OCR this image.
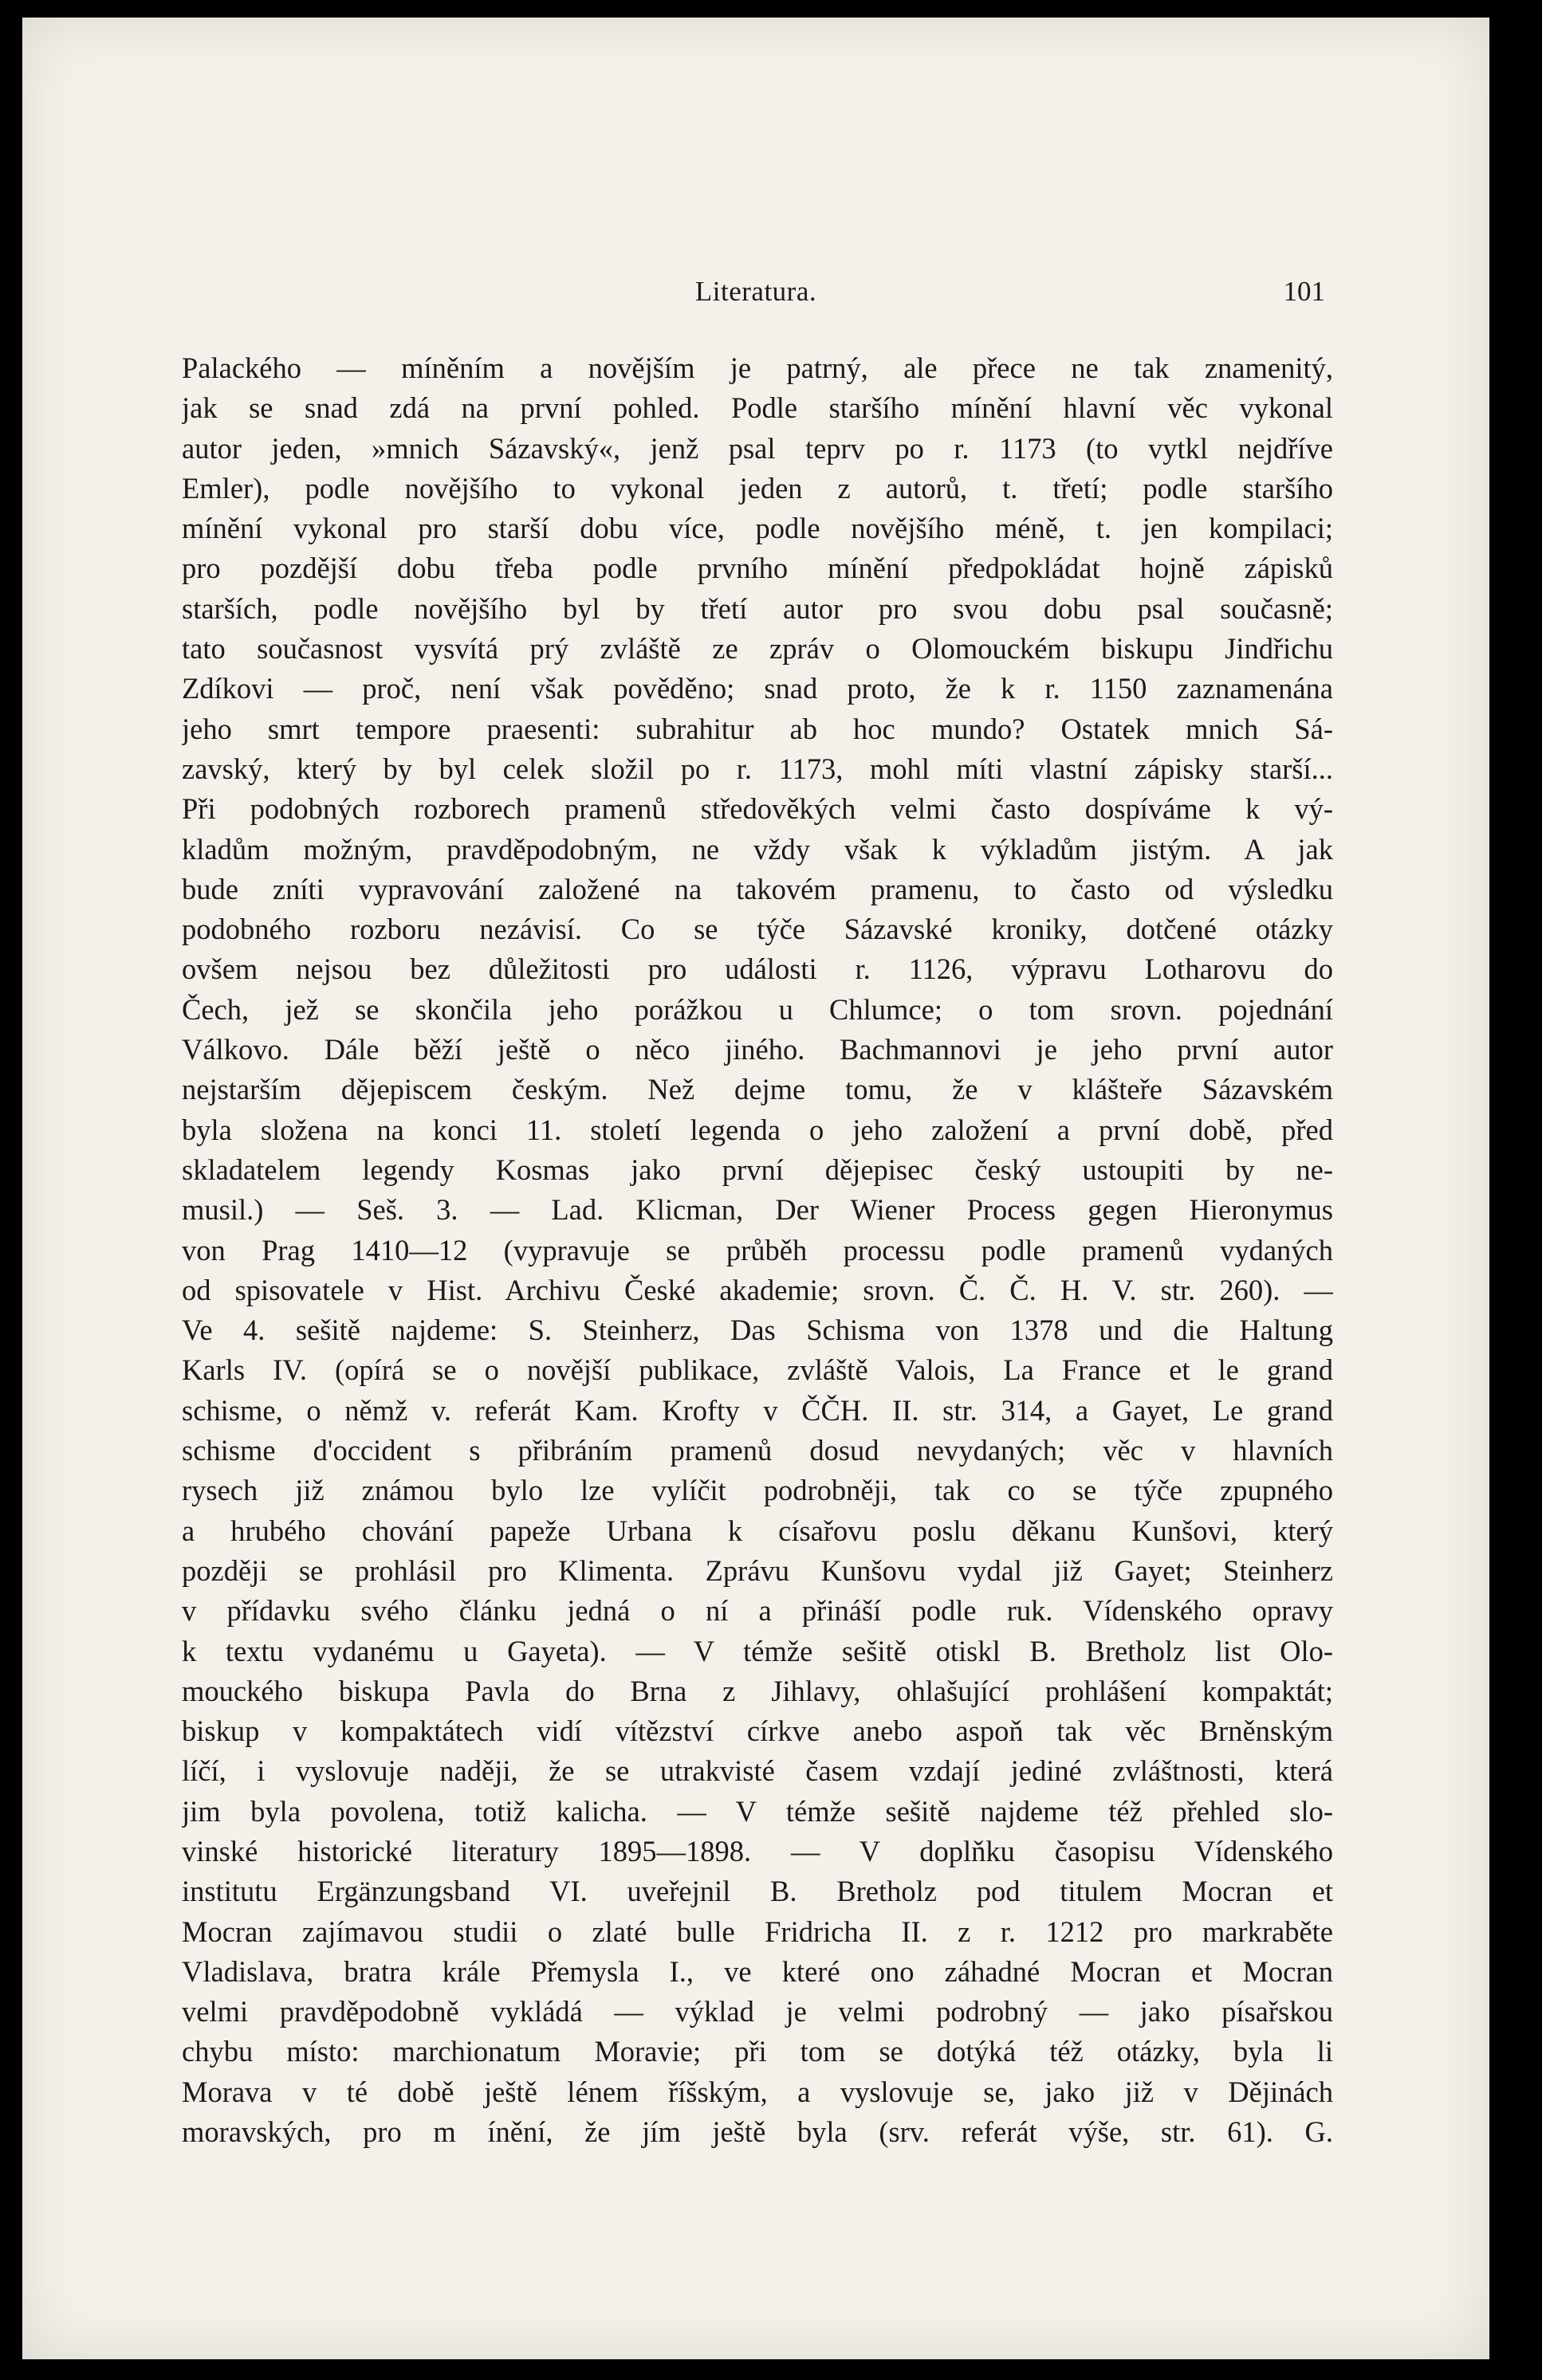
Literatura.	101
Palackého — míněním a novějším je patrný, ale přece ne tak znamenitý,
jak se snad zdá na první pohled. Podle staršího mínění hlavní věc vykonal
autor jeden, »mnich Sázavský«, jenž psal teprv po r. 1173 (to vytkl nejdříve
Emler), podle novějšího to vykonal jeden z autorů, t. třetí; podle staršího
mínění vykonal pro starší dobu více, podle novějšího méně, t. jen kompilaci;
pro pozdější dobu třeba podle prvního mínění předpokládat hojně zápisků
starších, podle novějšího byl by třetí autor pro svou dobu psal současně;
tato současnost vysvítá prý zvláště ze zpráv o Olomouckém biskupu Jindřichu
Zdíkovi — proč, není však pověděno; snad proto, že k r. 1150 zaznamenána
jeho smrt tempore praesenti: subrahitur ab hoc mundo? Ostatek mnich Sá-
zavský, který by byl celek složil po r. 1173, mohl míti vlastní zápisky starší...
Při podobných rozborech pramenů středověkých velmi často dospíváme k vý-
kladům možným, pravděpodobným, ne vždy však k výkladům jistým. A jak
bude zníti vypravování založené na takovém pramenu, to často od výsledku
podobného rozboru nezávisí. Co se týče Sázavské kroniky, dotčené otázky
ovšem nejsou bez důležitosti pro události r. 1126, výpravu Lotharovu do
Čech, jež se skončila jeho porážkou u Chlumce; o tom srovn. pojednání
Válkovo. Dále běží ještě o něco jiného. Bachmannovi je jeho první autor
nejstarším dějepiscem českým. Než dejme tomu, že v klášteře Sázavském
byla složena na konci 11. století legenda o jeho založení a první době, před
skladatelem legendy Kosmas jako první dějepisec český ustoupiti by ne-
musil.) — Seš. 3. — Lad. Klicman, Der Wiener Process gegen Hieronymus
von Prag 1410—12 (vypravuje se průběh processu podle pramenů vydaných
od spisovatele v Hist. Archivu České akademie; srovn. Č. Č. H. V. str. 260). —
Ve 4. sešitě najdeme: S. Steinherz, Das Schisma von 1378 und die Haltung
Karls IV. (opírá se o novější publikace, zvláště Valois, La France et le grand
schisme, o němž v. referát Kam. Krofty v ČČH. II. str. 314, a Gayet, Le grand
schisme d'occident s přibráním pramenů dosud nevydaných; věc v hlavních
rysech již známou bylo lze vylíčit podrobněji, tak co se týče zpupného
a hrubého chování papeže Urbana k císařovu poslu děkanu Kunšovi, který
později se prohlásil pro Klimenta. Zprávu Kunšovu vydal již Gayet; Steinherz
v přídavku svého článku jedná o ní a přináší podle ruk. Vídenského opravy
k textu vydanému u Gayeta). — V témže sešitě otiskl B. Bretholz list Olo-
mouckého biskupa Pavla do Brna z Jihlavy, ohlašující prohlášení kompaktát;
biskup v kompaktátech vidí vítězství církve anebo aspoň tak věc Brněnským
líčí, i vyslovuje naději, že se utrakvisté časem vzdají jediné zvláštnosti, která
jim byla povolena, totiž kalicha. — V témže sešitě najdeme též přehled slo-
vinské historické literatury 1895—1898. — V doplňku časopisu Vídenského
institutu Ergänzungsband VI. uveřejnil B. Bretholz pod titulem Mocran et
Mocran zajímavou studii o zlaté bulle Fridricha II. z r. 1212 pro markraběte
Vladislava, bratra krále Přemysla I., ve které ono záhadné Mocran et Mocran
velmi pravděpodobně vykládá — výklad je velmi podrobný — jako písařskou
chybu místo: marchionatum Moravie; při tom se dotýká též otázky, byla li
Morava v té době ještě lénem říšským, a vyslovuje se, jako již v Dějinách
moravských, pro m ínění, že jím ještě byla (srv. referát výše, str. 61). G.
